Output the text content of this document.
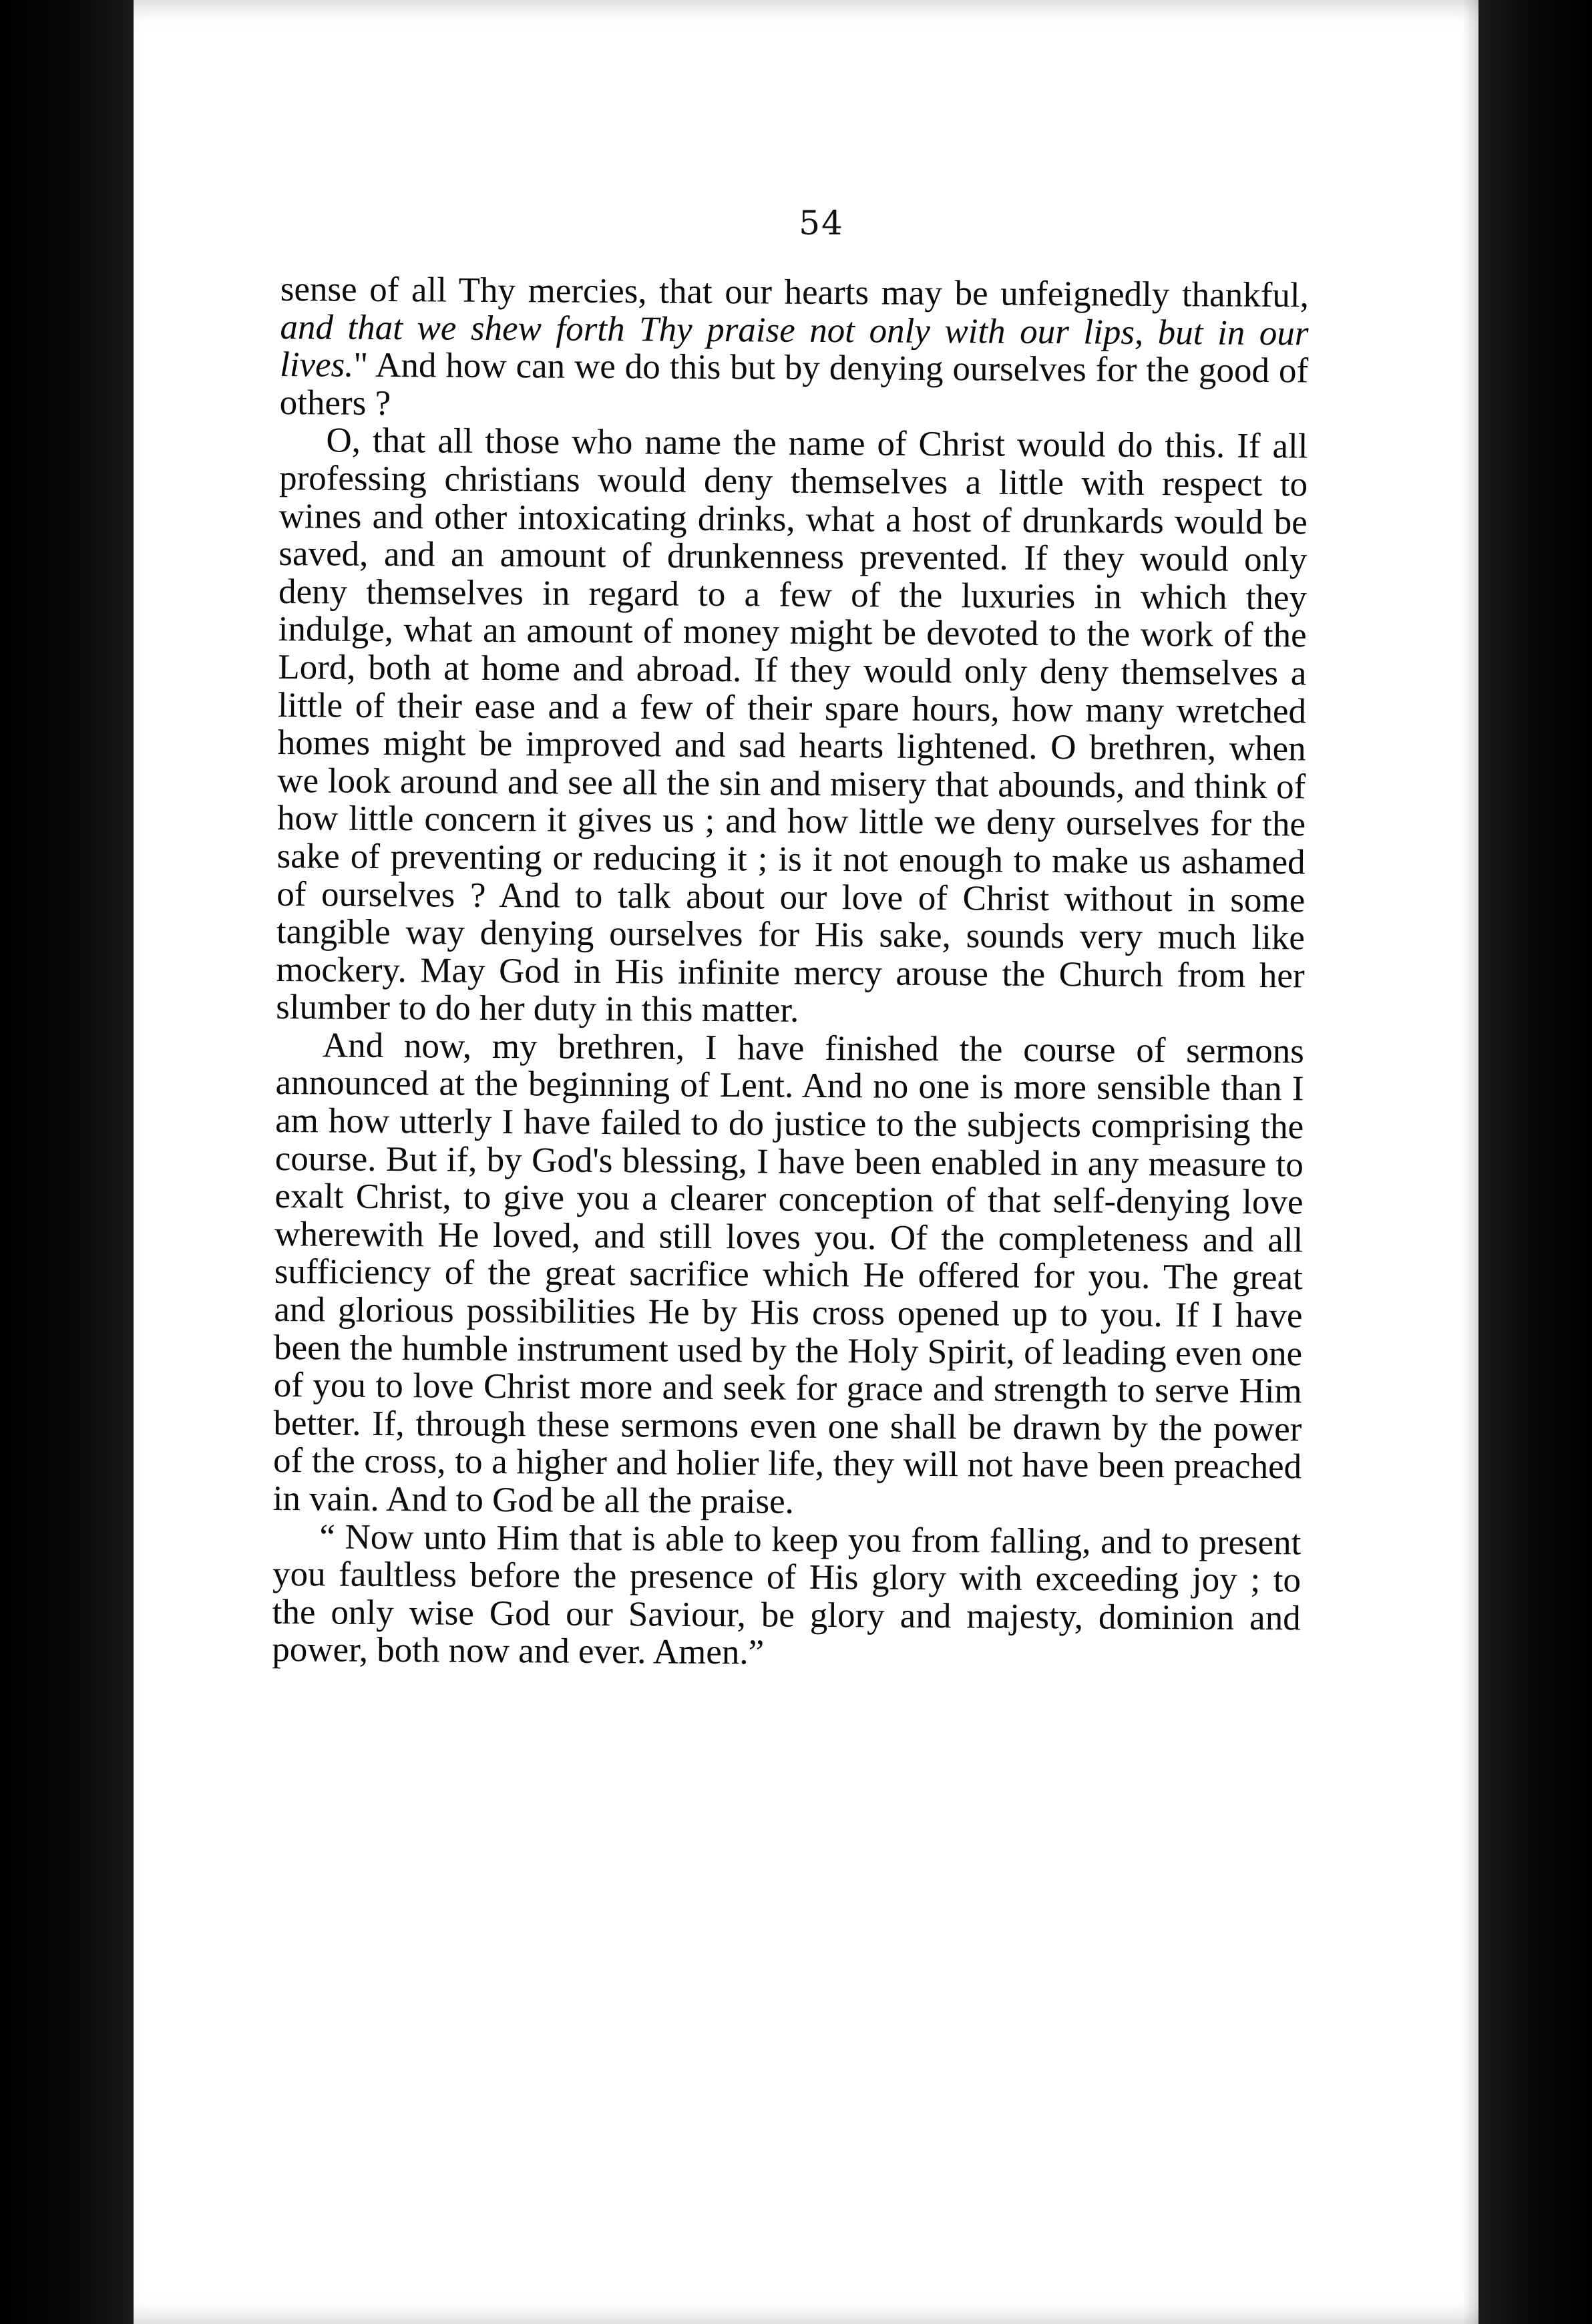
54

sense of all Thy mercies, that our hearts may be unfeignedly thankful, and that we shew forth Thy praise not only with our lips, but in our lives." And how can we do this but by denying ourselves for the good of others ?

O, that all those who name the name of Christ would do this. If all professing christians would deny themselves a little with respect to wines and other intoxicating drinks, what a host of drunkards would be saved, and an amount of drunkenness prevented. If they would only deny themselves in regard to a few of the luxuries in which they indulge, what an amount of money might be devoted to the work of the Lord, both at home and abroad. If they would only deny themselves a little of their ease and a few of their spare hours, how many wretched homes might be improved and sad hearts lightened. O brethren, when we look around and see all the sin and misery that abounds, and think of how little concern it gives us ; and how little we deny ourselves for the sake of preventing or reducing it ; is it not enough to make us ashamed of ourselves ? And to talk about our love of Christ without in some tangible way denying ourselves for His sake, sounds very much like mockery. May God in His infinite mercy arouse the Church from her slumber to do her duty in this matter.

And now, my brethren, I have finished the course of sermons announced at the beginning of Lent. And no one is more sensible than I am how utterly I have failed to do justice to the subjects comprising the course. But if, by God's blessing, I have been enabled in any measure to exalt Christ, to give you a clearer conception of that self-denying love wherewith He loved, and still loves you. Of the completeness and all sufficiency of the great sacrifice which He offered for you. The great and glorious possibilities He by His cross opened up to you. If I have been the humble instrument used by the Holy Spirit, of leading even one of you to love Christ more and seek for grace and strength to serve Him better. If, through these sermons even one shall be drawn by the power of the cross, to a higher and holier life, they will not have been preached in vain. And to God be all the praise.

“ Now unto Him that is able to keep you from falling, and to present you faultless before the presence of His glory with exceeding joy ; to the only wise God our Saviour, be glory and majesty, dominion and power, both now and ever. Amen.”
